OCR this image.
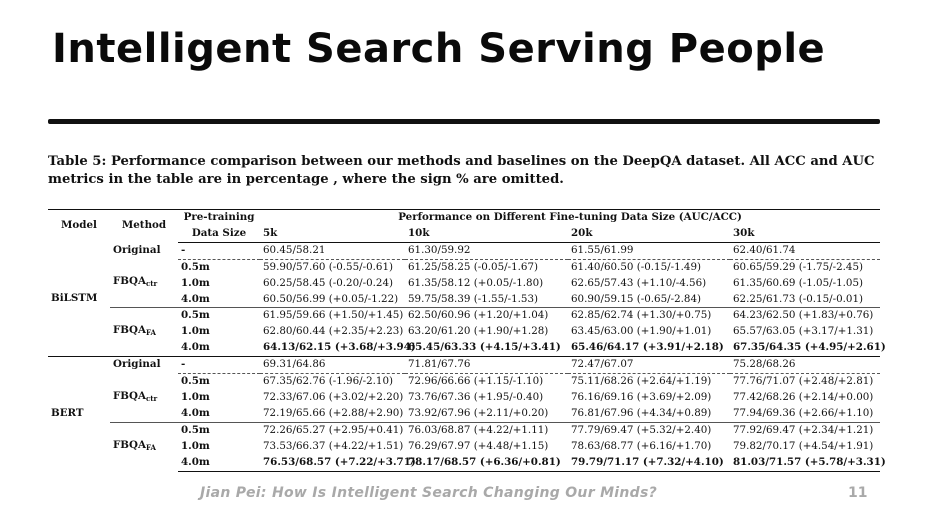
Intelligent Search Serving People

Table 5: Performance comparison between our methods and baselines on the DeepQA dataset. All ACC and AUC metrics in the table are in percentage , where the sign % are omitted.

Model	Method	Pre-training	Performance on Different Fine-tuning Data Size (AUC/ACC)			
		Data Size	5k	10k	20k	30k
BiLSTM	Original	-	60.45/58.21	61.30/59.92	61.55/61.99	62.40/61.74
	$FBQA_{ctr}$	0.5m	59.90/57.60 (-0.55/-0.61)	61.25/58.25 (-0.05/-1.67)	61.40/60.50 (-0.15/-1.49)	60.65/59.29 (-1.75/-2.45)
		1.0m	60.25/58.45 (-0.20/-0.24)	61.35/58.12 (+0.05/-1.80)	62.65/57.43 (+1.10/-4.56)	61.35/60.69 (-1.05/-1.05)
		4.0m	60.50/56.99 (+0.05/-1.22)	59.75/58.39 (-1.55/-1.53)	60.90/59.15 (-0.65/-2.84)	62.25/61.73 (-0.15/-0.01)
	$FBQA_{FA}$	0.5m	61.95/59.66 (+1.50/+1.45)	62.50/60.96 (+1.20/+1.04)	62.85/62.74 (+1.30/+0.75)	64.23/62.50 (+1.83/+0.76)
		1.0m	62.80/60.44 (+2.35/+2.23)	63.20/61.20 (+1.90/+1.28)	63.45/63.00 (+1.90/+1.01)	65.57/63.05 (+3.17/+1.31)
		4.0m	64.13/62.15 (+3.68/+3.94)	65.45/63.33 (+4.15/+3.41)	65.46/64.17 (+3.91/+2.18)	67.35/64.35 (+4.95/+2.61)
BERT	Original	-	69.31/64.86	71.81/67.76	72.47/67.07	75.28/68.26
	$FBQA_{ctr}$	0.5m	67.35/62.76 (-1.96/-2.10)	72.96/66.66 (+1.15/-1.10)	75.11/68.26 (+2.64/+1.19)	77.76/71.07 (+2.48/+2.81)
		1.0m	72.33/67.06 (+3.02/+2.20)	73.76/67.36 (+1.95/-0.40)	76.16/69.16 (+3.69/+2.09)	77.42/68.26 (+2.14/+0.00)
		4.0m	72.19/65.66 (+2.88/+2.90)	73.92/67.96 (+2.11/+0.20)	76.81/67.96 (+4.34/+0.89)	77.94/69.36 (+2.66/+1.10)
	$FBQA_{FA}$	0.5m	72.26/65.27 (+2.95/+0.41)	76.03/68.87 (+4.22/+1.11)	77.79/69.47 (+5.32/+2.40)	77.92/69.47 (+2.34/+1.21)
		1.0m	73.53/66.37 (+4.22/+1.51)	76.29/67.97 (+4.48/+1.15)	78.63/68.77 (+6.16/+1.70)	79.82/70.17 (+4.54/+1.91)
		4.0m	76.53/68.57 (+7.22/+3.71)	78.17/68.57 (+6.36/+0.81)	79.79/71.17 (+7.32/+4.10)	81.03/71.57 (+5.78/+3.31)
Jian Pei: How Is Intelligent Search Changing Our Minds?	11
